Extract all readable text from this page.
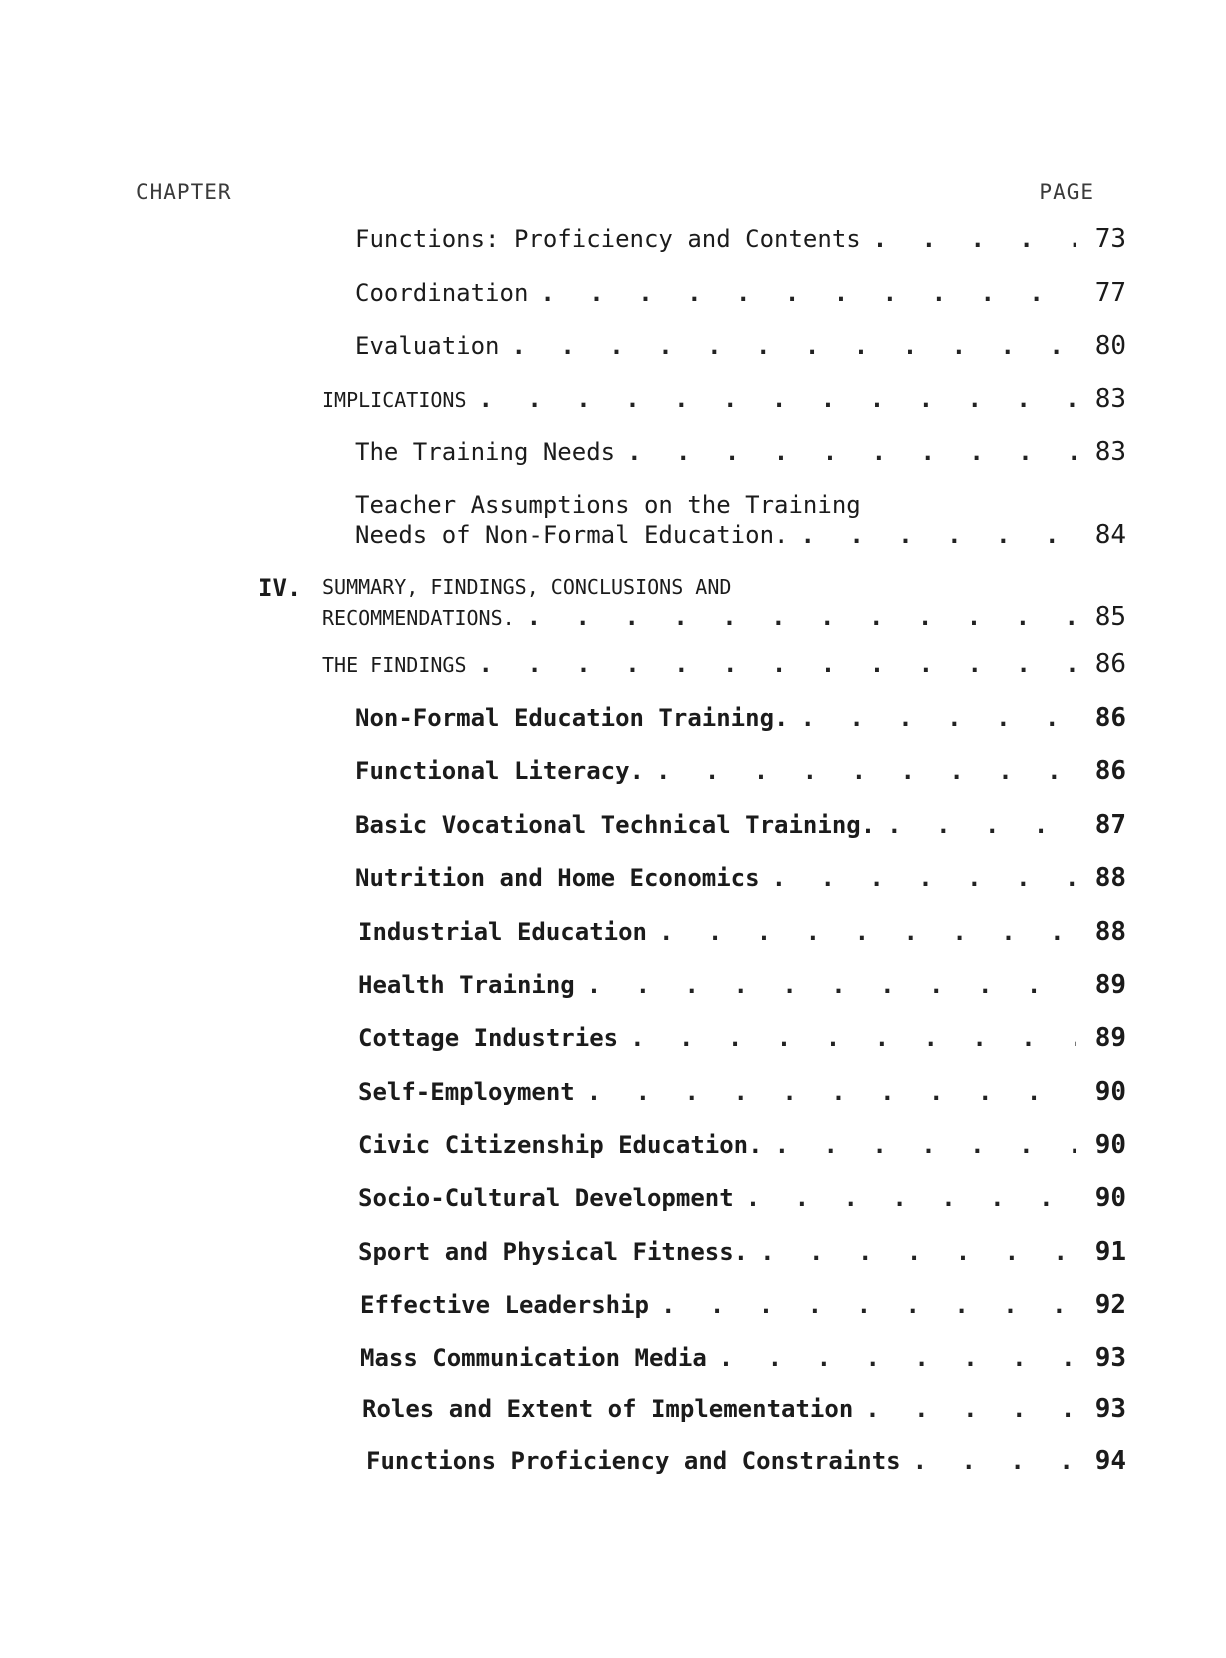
CHAPTER	PAGE
Functions: Proficiency and Contents . . .	73
Coordination . . .	77
Evaluation . . .	80
IMPLICATIONS . . .	83
The Training Needs . . .	83
Teacher Assumptions on the Training
Needs of Non-Formal Education. . . .	84
IV. SUMMARY, FINDINGS, CONCLUSIONS AND
RECOMMENDATIONS. . . .	85
THE FINDINGS . . .	86
Non-Formal Education Training. . . .	86
Functional Literacy. . . .	86
Basic Vocational Technical Training. . . .	87
Nutrition and Home Economics . . .	88
Industrial Education . . .	88
Health Training . . .	89
Cottage Industries . . .	89
Self-Employment . . .	90
Civic Citizenship Education. . . .	90
Socio-Cultural Development . . .	90
Sport and Physical Fitness. . . .	91
Effective Leadership . . .	92
Mass Communication Media . . .	93
Roles and Extent of Implementation . . .	93
Functions Proficiency and Constraints . . .	94
